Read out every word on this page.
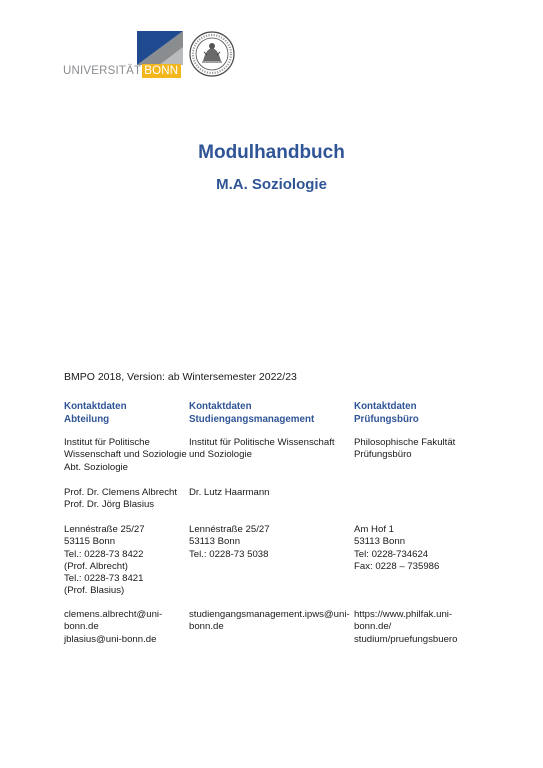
UNIVERSITÄT BONN
Modulhandbuch
M.A. Soziologie
BMPO 2018, Version: ab Wintersemester 2022/23
Kontaktdaten
Abteilung
Institut für Politische
Wissenschaft und Soziologie
Abt. Soziologie
Prof. Dr. Clemens Albrecht
Prof. Dr. Jörg Blasius
Lennéstraße 25/27
53115 Bonn
Tel.: 0228-73 8422
(Prof. Albrecht)
Tel.: 0228-73 8421
(Prof. Blasius)
clemens.albrecht@uni-
bonn.de
jblasius@uni-bonn.de
Kontaktdaten
Studiengangsmanagement
Institut für Politische Wissenschaft
und Soziologie
Dr. Lutz Haarmann
Lennéstraße 25/27
53113 Bonn
Tel.: 0228-73 5038
studiengangsmanagement.ipws@uni-
bonn.de
Kontaktdaten
Prüfungsbüro
Philosophische Fakultät
Prüfungsbüro
Am Hof 1
53113 Bonn
Tel: 0228-734624
Fax: 0228 – 735986
https://www.philfak.uni-
bonn.de/
studium/pruefungsbuero
